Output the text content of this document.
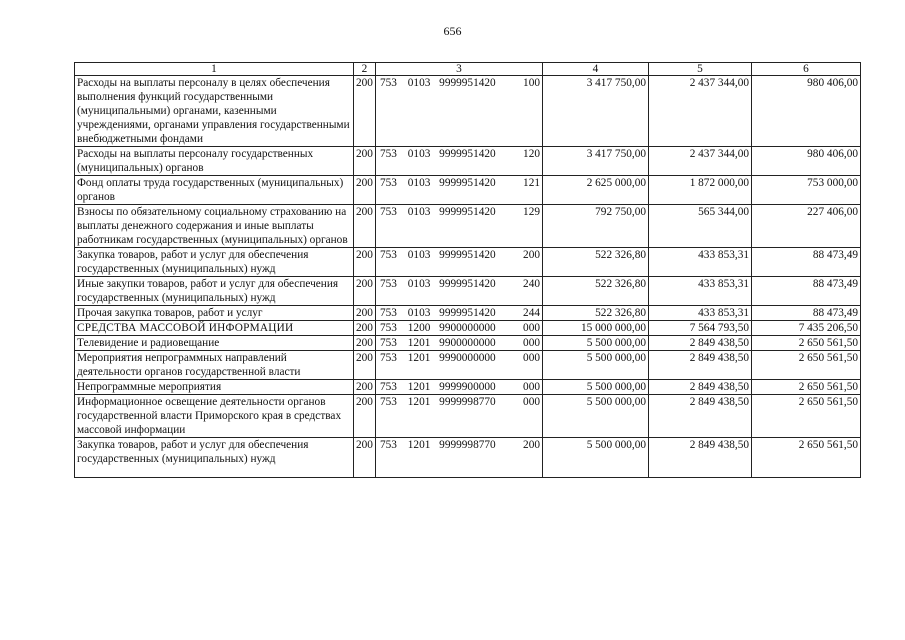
656
1	2	3	4	5	6
Расходы на выплаты персоналу в целях обеспечения выполнения функций государственными (муниципальными) органами, казенными учреждениями, органами управления государственными внебюджетными фондами	200	753 0103 9999951420 100	3 417 750,00	2 437 344,00	980 406,00
Расходы на выплаты персоналу государственных (муниципальных) органов	200	753 0103 9999951420 120	3 417 750,00	2 437 344,00	980 406,00
Фонд оплаты труда государственных (муниципальных) органов	200	753 0103 9999951420 121	2 625 000,00	1 872 000,00	753 000,00
Взносы по обязательному социальному страхованию на выплаты денежного содержания и иные выплаты работникам государственных (муниципальных) органов	200	753 0103 9999951420 129	792 750,00	565 344,00	227 406,00
Закупка товаров, работ и услуг для обеспечения государственных (муниципальных) нужд	200	753 0103 9999951420 200	522 326,80	433 853,31	88 473,49
Иные закупки товаров, работ и услуг для обеспечения государственных (муниципальных) нужд	200	753 0103 9999951420 240	522 326,80	433 853,31	88 473,49
Прочая закупка товаров, работ и услуг	200	753 0103 9999951420 244	522 326,80	433 853,31	88 473,49
СРЕДСТВА МАССОВОЙ ИНФОРМАЦИИ	200	753 1200 9900000000 000	15 000 000,00	7 564 793,50	7 435 206,50
Телевидение и радиовещание	200	753 1201 9900000000 000	5 500 000,00	2 849 438,50	2 650 561,50
Мероприятия непрограммных направлений деятельности органов государственной власти	200	753 1201 9990000000 000	5 500 000,00	2 849 438,50	2 650 561,50
Непрограммные мероприятия	200	753 1201 9999900000 000	5 500 000,00	2 849 438,50	2 650 561,50
Информационное освещение деятельности органов государственной власти Приморского края в средствах массовой информации	200	753 1201 9999998770 000	5 500 000,00	2 849 438,50	2 650 561,50
Закупка товаров, работ и услуг для обеспечения государственных (муниципальных) нужд	200	753 1201 9999998770 200	5 500 000,00	2 849 438,50	2 650 561,50
